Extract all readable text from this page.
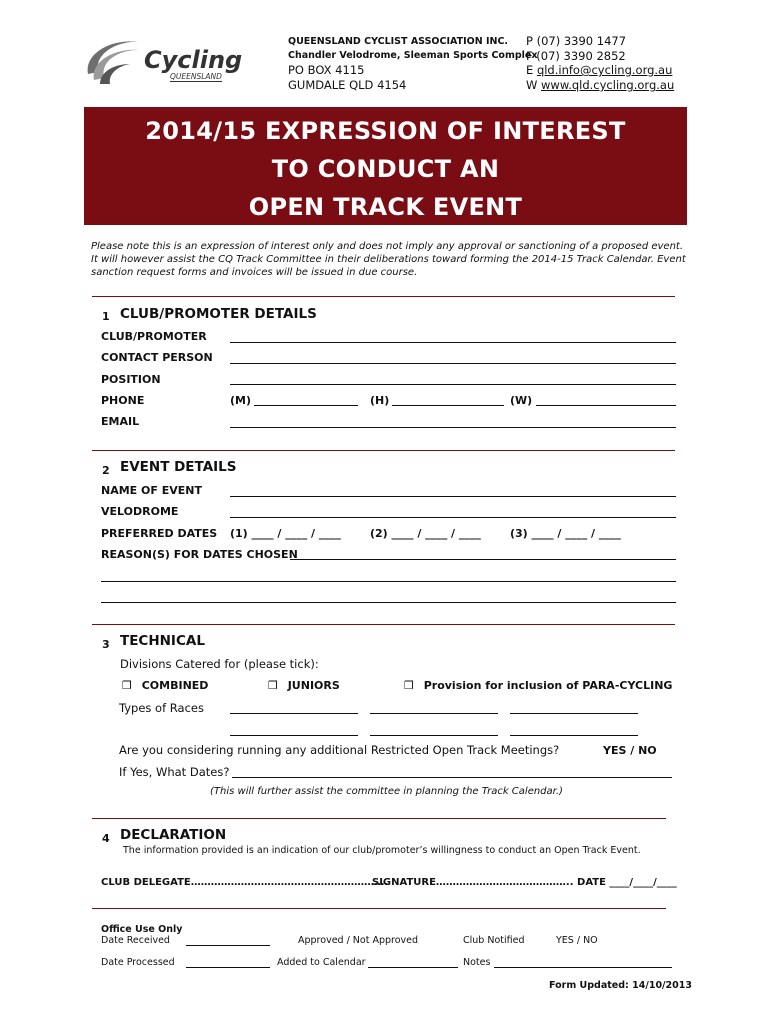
Cycling
QUEENSLAND
QUEENSLAND CYCLIST ASSOCIATION INC.
Chandler Velodrome, Sleeman Sports Complex
PO BOX 4115
GUMDALE QLD 4154
P (07) 3390 1477
F (07) 3390 2852
E qld.info@cycling.org.au
W www.qld.cycling.org.au
2014/15 EXPRESSION OF INTEREST
TO CONDUCT AN
OPEN TRACK EVENT
Please note this is an expression of interest only and does not imply any approval or sanctioning of a proposed event. It will however assist the CQ Track Committee in their deliberations toward forming the 2014-15 Track Calendar. Event sanction request forms and invoices will be issued in due course.
1 CLUB/PROMOTER DETAILS
CLUB/PROMOTER
CONTACT PERSON
POSITION
PHONE	(M)	(H)	(W)
EMAIL
2 EVENT DETAILS
NAME OF EVENT
VELODROME
PREFERRED DATES (1) ____ / ____ / ____	(2) ____ / ____ / ____	(3) ____ / ____ / ____
REASON(S) FOR DATES CHOSEN
3 TECHNICAL
Divisions Catered for (please tick):
❒ COMBINED	❒ JUNIORS	❒ Provision for inclusion of PARA-CYCLING
Types of Races
Are you considering running any additional Restricted Open Track Meetings?	YES / NO
If Yes, What Dates?
(This will further assist the committee in planning the Track Calendar.)
4 DECLARATION
The information provided is an indication of our club/promoter’s willingness to conduct an Open Track Event.
CLUB DELEGATE…………………………………………………..
SIGNATURE………………………………….. DATE ____/____/____
Office Use Only
Date Received	Approved / Not Approved	Club Notified	YES / NO
Date Processed	Added to Calendar	Notes
Form Updated: 14/10/2013
